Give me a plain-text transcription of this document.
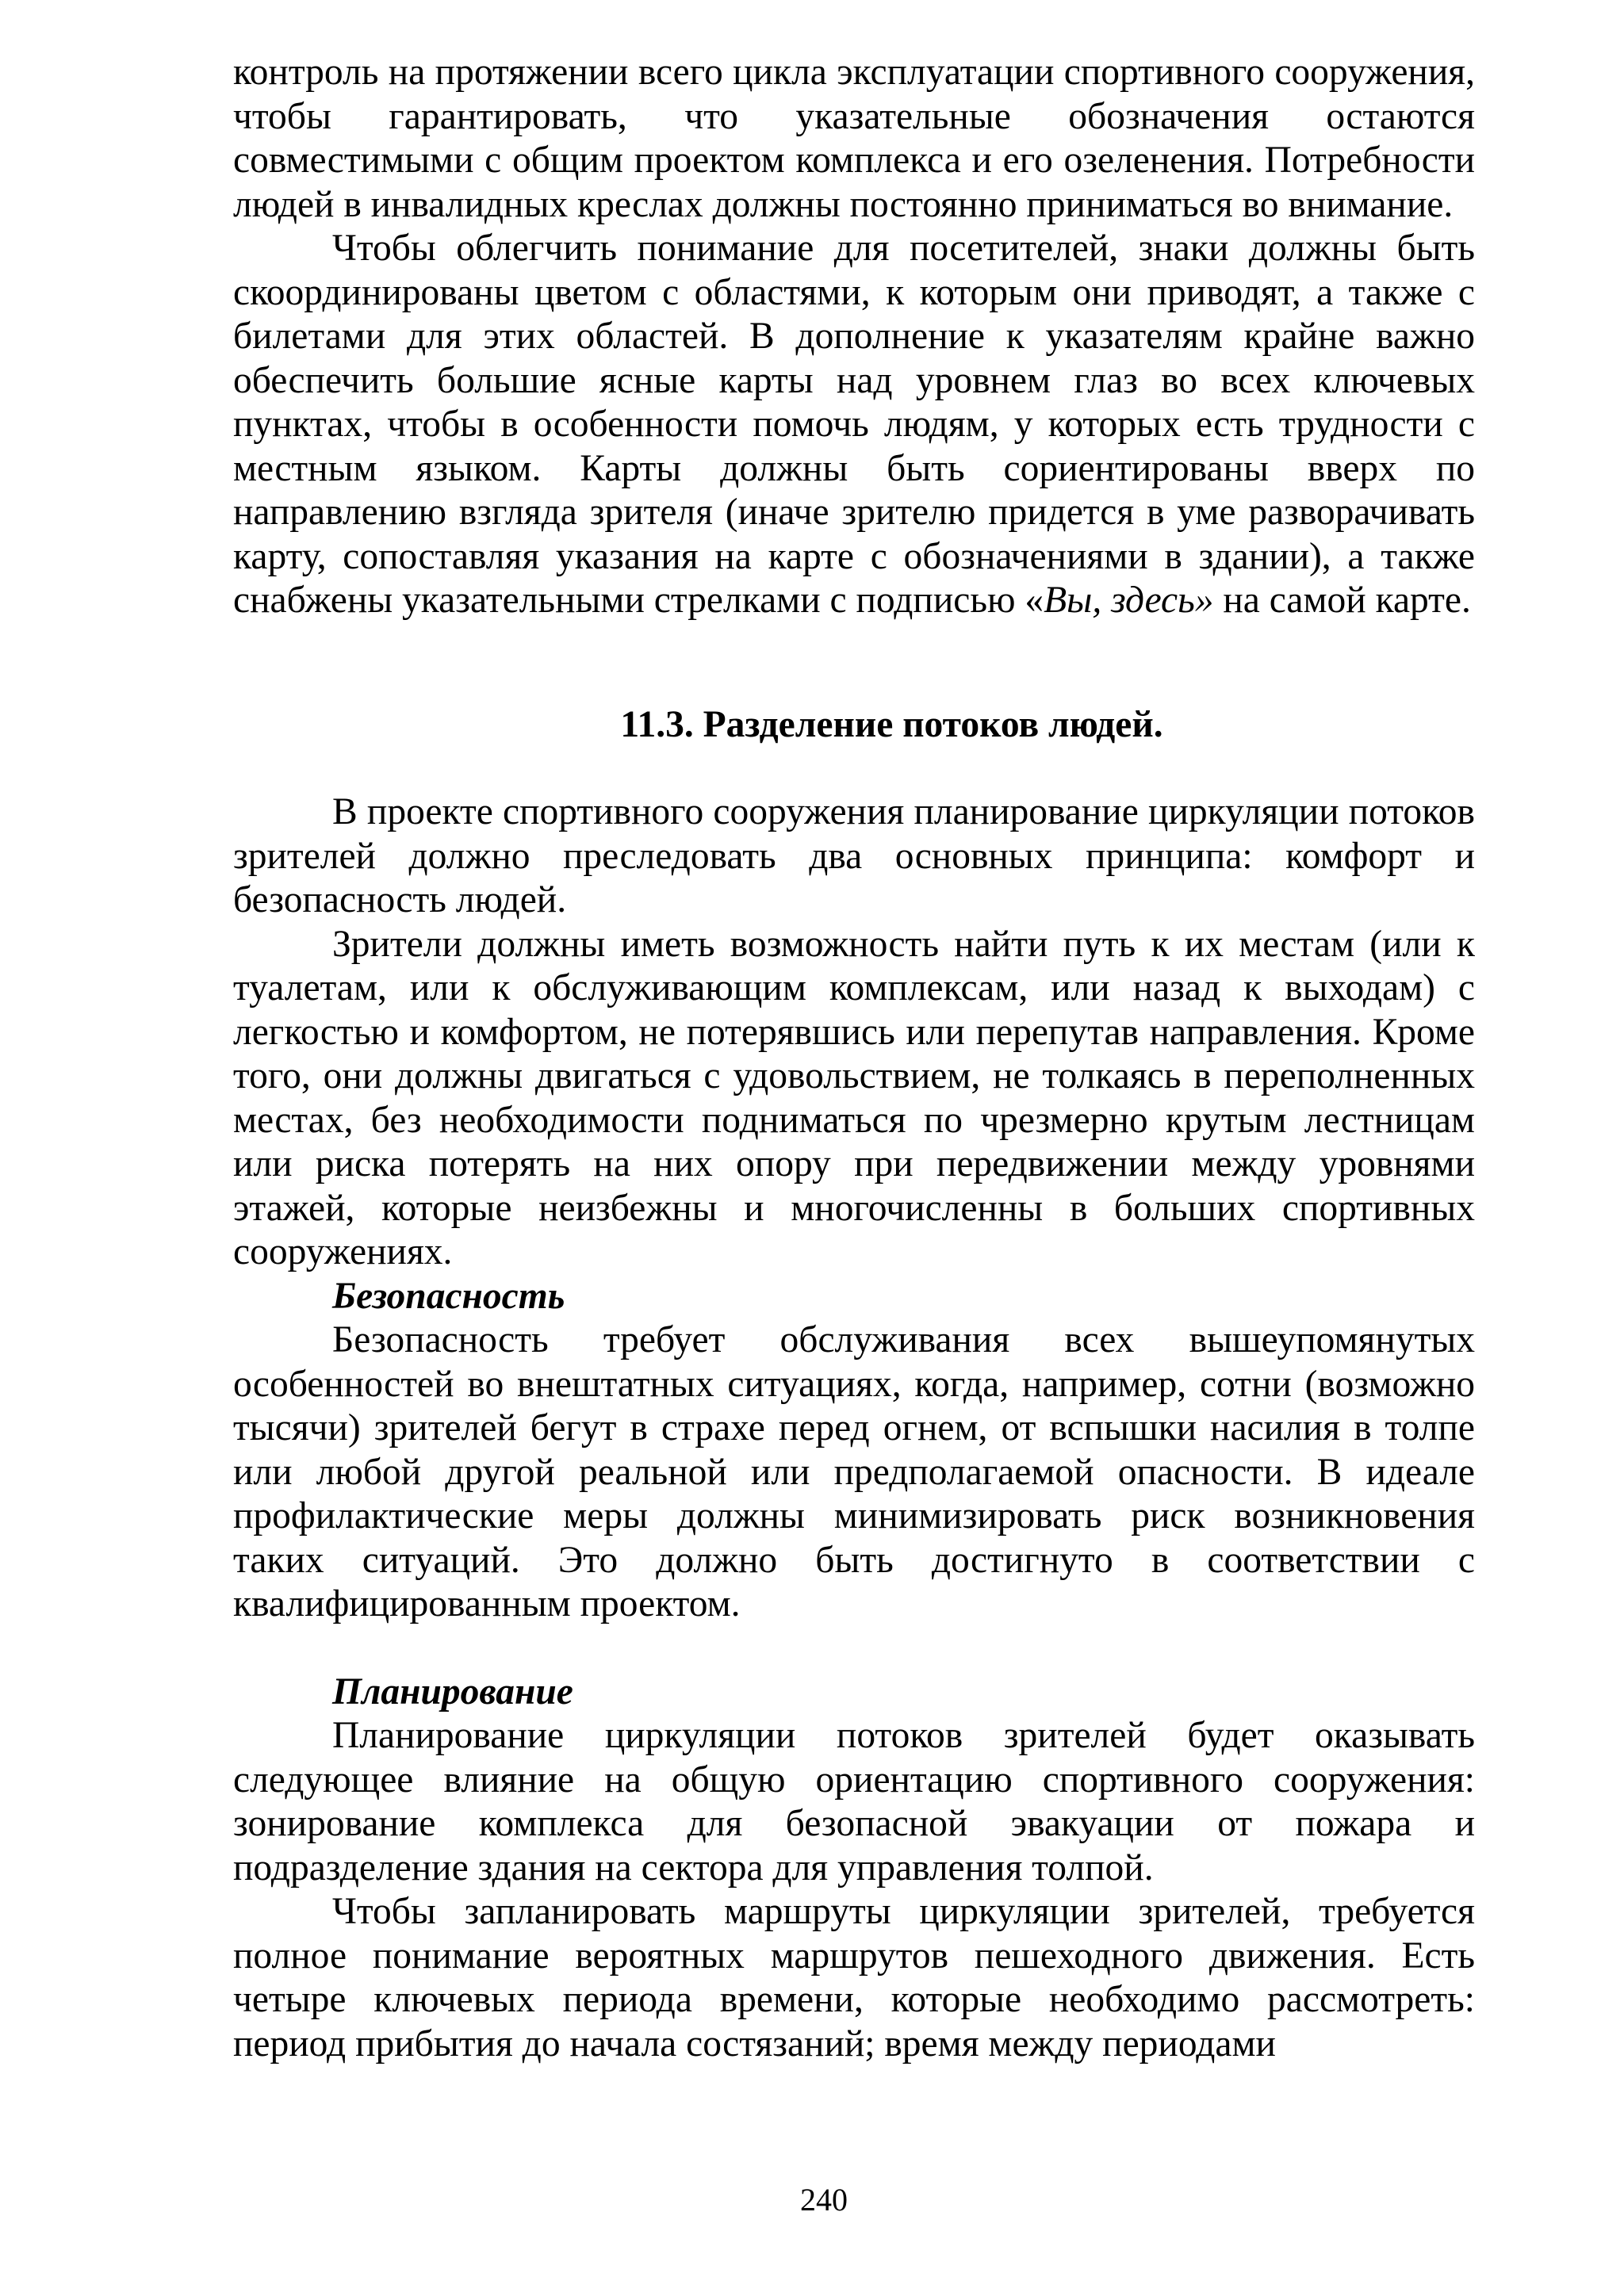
контроль на протяжении всего цикла эксплуатации спортивного сооружения, чтобы гарантировать, что указательные обозначения остаются совместимыми с общим проектом комплекса и его озеленения. Потребности людей в инвалидных креслах должны постоянно приниматься во внимание.

Чтобы облегчить понимание для посетителей, знаки должны быть скоординированы цветом с областями, к которым они приводят, а также с билетами для этих областей. В дополнение к указателям крайне важно обеспечить большие ясные карты над уровнем глаз во всех ключевых пунктах, чтобы в особенности помочь людям, у которых есть трудности с местным языком. Карты должны быть сориентированы вверх по направлению взгляда зрителя (иначе зрителю придется в уме разворачивать карту, сопоставляя указания на карте с обозначениями в здании), а также снабжены указательными стрелками с подписью «Вы, здесь» на самой карте.

11.3. Разделение потоков людей.

В проекте спортивного сооружения планирование циркуляции потоков зрителей должно преследовать два основных принципа: комфорт и безопасность людей.

Зрители должны иметь возможность найти путь к их местам (или к туалетам, или к обслуживающим комплексам, или назад к выходам) с легкостью и комфортом, не потерявшись или перепутав направления. Кроме того, они должны двигаться с удовольствием, не толкаясь в переполненных местах, без необходимости подниматься по чрезмерно крутым лестницам или риска потерять на них опору при передвижении между уровнями этажей, которые неизбежны и многочисленны в больших спортивных сооружениях.

Безопасность

Безопасность требует обслуживания всех вышеупомянутых особенностей во внештатных ситуациях, когда, например, сотни (возможно тысячи) зрителей бегут в страхе перед огнем, от вспышки насилия в толпе или любой другой реальной или предполагаемой опасности. В идеале профилактические меры должны минимизировать риск возникновения таких ситуаций. Это должно быть достигнуто в соответствии с квалифицированным проектом.

Планирование

Планирование циркуляции потоков зрителей будет оказывать следующее влияние на общую ориентацию спортивного сооружения: зонирование комплекса для безопасной эвакуации от пожара и подразделение здания на сектора для управления толпой.

Чтобы запланировать маршруты циркуляции зрителей, требуется полное понимание вероятных маршрутов пешеходного движения. Есть четыре ключевых периода времени, которые необходимо рассмотреть: период прибытия до начала состязаний; время между периодами

240
